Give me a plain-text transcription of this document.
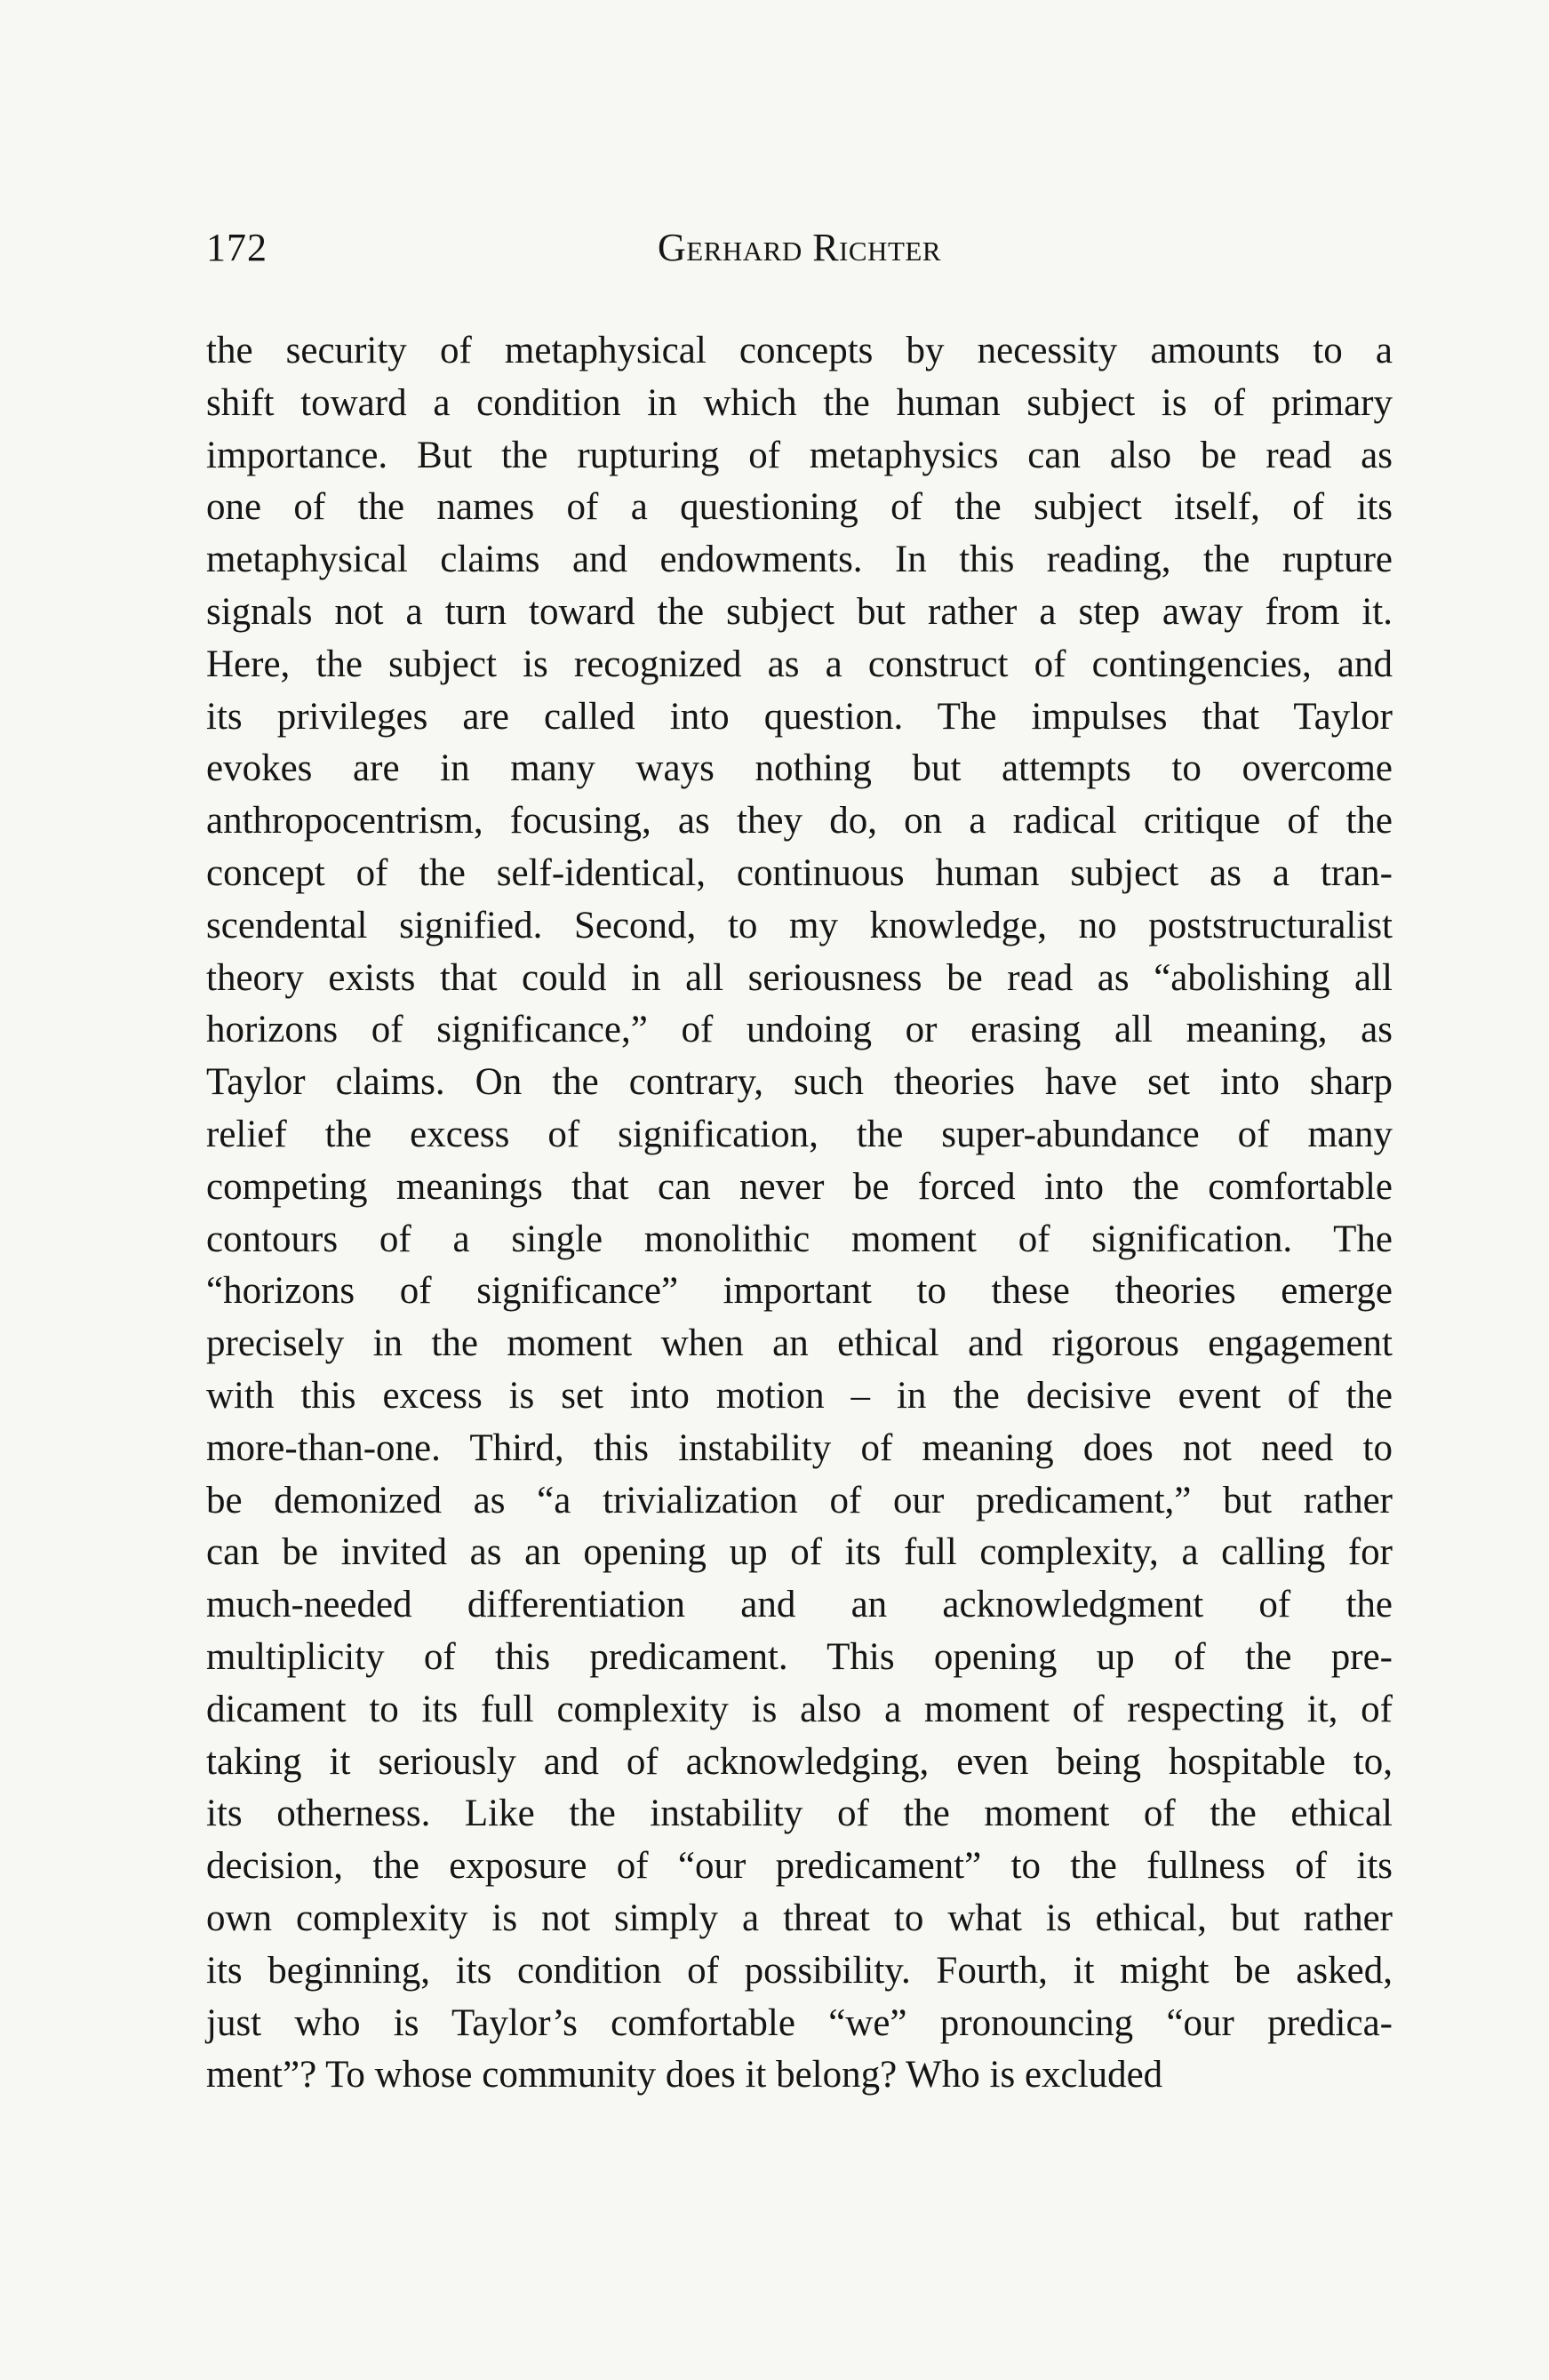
172	Gerhard Richter
the security of metaphysical concepts by necessity amounts to a
shift toward a condition in which the human subject is of primary
importance. But the rupturing of metaphysics can also be read as
one of the names of a questioning of the subject itself, of its
metaphysical claims and endowments. In this reading, the rupture
signals not a turn toward the subject but rather a step away from it.
Here, the subject is recognized as a construct of contingencies, and
its privileges are called into question. The impulses that Taylor
evokes are in many ways nothing but attempts to overcome
anthropocentrism, focusing, as they do, on a radical critique of the
concept of the self-identical, continuous human subject as a tran-
scendental signified. Second, to my knowledge, no poststructuralist
theory exists that could in all seriousness be read as “abolishing all
horizons of significance,” of undoing or erasing all meaning, as
Taylor claims. On the contrary, such theories have set into sharp
relief the excess of signification, the super-abundance of many
competing meanings that can never be forced into the comfortable
contours of a single monolithic moment of signification. The
“horizons of significance” important to these theories emerge
precisely in the moment when an ethical and rigorous engagement
with this excess is set into motion – in the decisive event of the
more-than-one. Third, this instability of meaning does not need to
be demonized as “a trivialization of our predicament,” but rather
can be invited as an opening up of its full complexity, a calling for
much-needed differentiation and an acknowledgment of the
multiplicity of this predicament. This opening up of the pre-
dicament to its full complexity is also a moment of respecting it, of
taking it seriously and of acknowledging, even being hospitable to,
its otherness. Like the instability of the moment of the ethical
decision, the exposure of “our predicament” to the fullness of its
own complexity is not simply a threat to what is ethical, but rather
its beginning, its condition of possibility. Fourth, it might be asked,
just who is Taylor’s comfortable “we” pronouncing “our predica-
ment”? To whose community does it belong? Who is excluded
